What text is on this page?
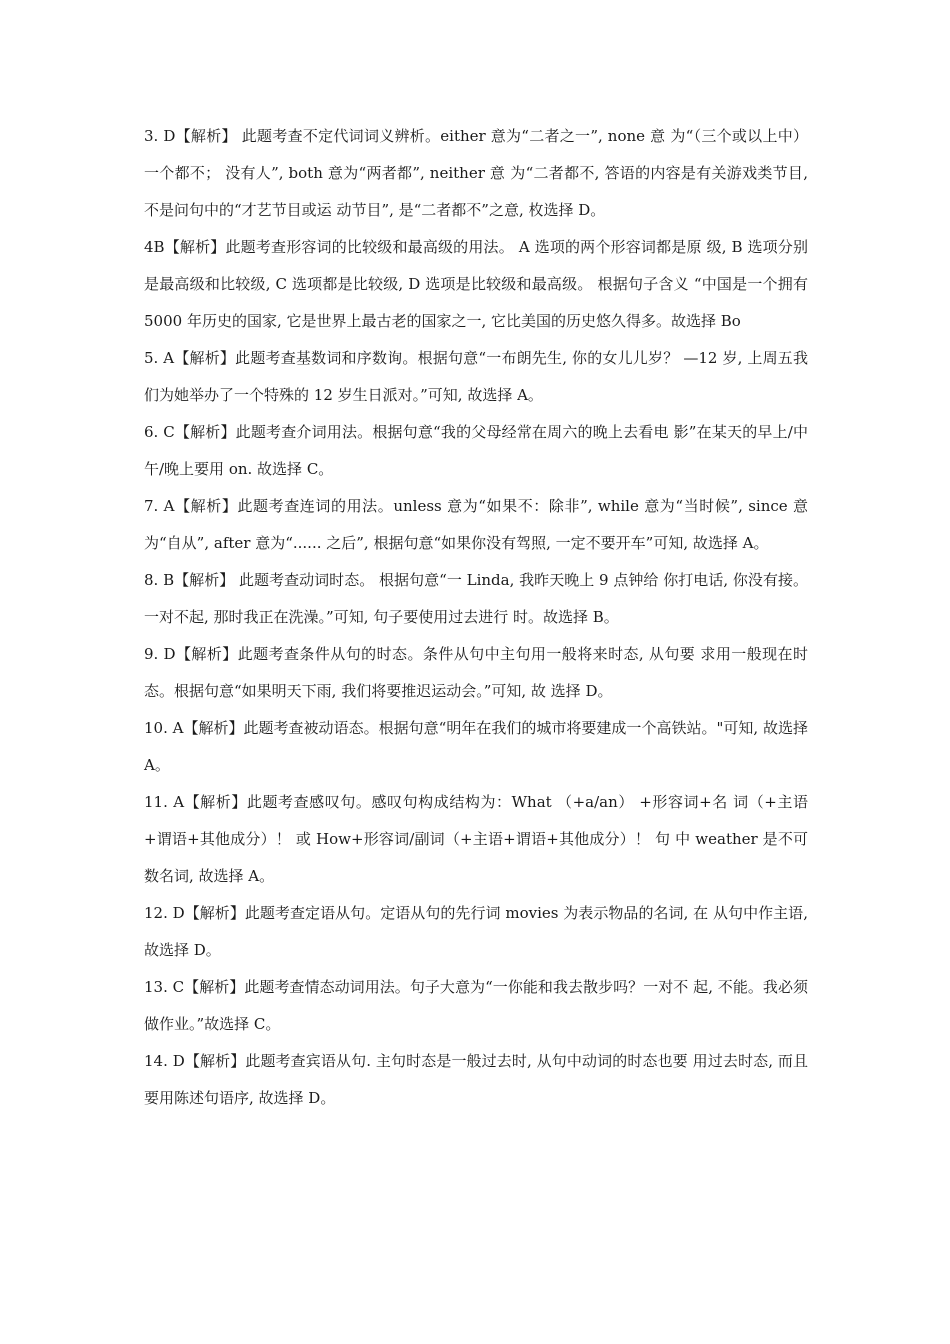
3. D【解析】 此题考查不定代词词义辨析。either 意为“二者之一”, none 意 为“（三个或以上中） 一个都不； 没有人”, both 意为“两者都”, neither 意 为“二者都不, 答语的内容是有关游戏类节目, 不是问句中的“才艺节目或运 动节目”, 是“二者都不”之意, 枚选择 D。

4B【解析】此题考查形容词的比较级和最高级的用法。 A 选项的两个形容词都是原 级, B 选项分别是最高级和比较级, C 选项都是比较级, D 选项是比较级和最高级。 根据句子含义 “中国是一个拥有 5000 年历史的国家, 它是世界上最古老的国家之一, 它比美国的历史悠久得多。故选择 Bo

5. A【解析】此题考查基数词和序数询。根据句意“一布朗先生, 你的女儿儿岁？ —12 岁, 上周五我们为她举办了一个特殊的 12 岁生日派对。”可知, 故选择 A。

6. C【解析】此题考查介词用法。根据句意“我的父母经常在周六的晚上去看电 影”在某天的早上/中午/晚上要用 on. 故选择 C。

7. A【解析】此题考查连词的用法。unless 意为“如果不：除非”, while 意为“当时候”, since 意为“自从”, after 意为“...... 之后”, 根据句意“如果你没有驾照, 一定不要开车”可知, 故选择 A。

8. B【解析】 此题考查动词时态。 根据句意“一 Linda, 我昨天晚上 9 点钟给 你打电话, 你没有接。一对不起, 那时我正在洗澡。”可知, 句子要使用过去进行 时。故选择 B。

9. D【解析】此题考查条件从句的时态。条件从句中主句用一般将来时态, 从句要 求用一般现在时态。根据句意“如果明天下雨, 我们将要推迟运动会。”可知, 故 选择 D。

10. A【解析】此题考查被动语态。根据句意“明年在我们的城市将要建成一个高铁站。"可知, 故选择 A。

11. A【解析】此题考查感叹句。感叹句构成结构为：What （+a/an） +形容词+名 词（+主语+谓语+其他成分）！ 或 How+形容词/副词（+主语+谓语+其他成分）！ 句 中 weather 是不可数名词, 故选择 A。

12. D【解析】此题考查定语从句。定语从句的先行词 movies 为表示物品的名词, 在 从句中作主语, 故选择 D。

13. C【解析】此题考查情态动词用法。句子大意为“一你能和我去散步吗？一对不 起, 不能。我必须做作业。”故选择 C。

14. D【解析】此题考查宾语从句. 主句时态是一般过去时, 从句中动词的时态也要 用过去时态, 而且要用陈述句语序, 故选择 D。
